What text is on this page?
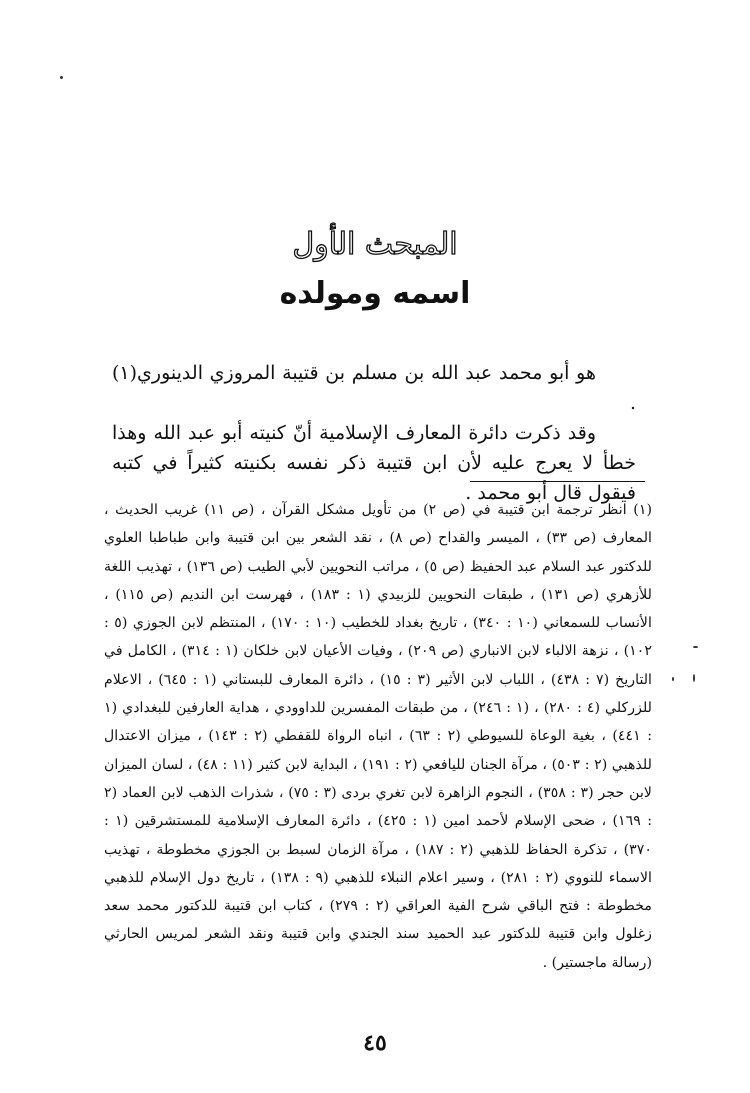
المبحث الأول
اسمه ومولده

هو أبو محمد عبد الله بن مسلم بن قتيبة المروزي الدينوري(١) .

وقد ذكرت دائرة المعارف الإسلامية أنّ كنيته أبو عبد الله وهذا خطأ لا يعرج عليه لأن ابن قتيبة ذكر نفسه بكنيته كثيراً في كتبه فيقول قال أبو محمد .

(١) انظر ترجمة ابن قتيبة في (ص ٢) من تأويل مشكل القرآن ، (ص ١١) غريب الحديث ، المعارف (ص ٣٣) ، الميسر والقداح (ص ٨) ، نقد الشعر بين ابن قتيبة وابن طباطبا العلوي للدكتور عبد السلام عبد الحفيظ (ص ٥) ، مراتب النحويين لأبي الطيب (ص ١٣٦) ، تهذيب اللغة للأزهري (ص ١٣١) ، طبقات النحويين للزبيدي (١ : ١٨٣) ، فهرست ابن النديم (ص ١١٥) ، الأنساب للسمعاني (١٠ : ٣٤٠) ، تاريخ بغداد للخطيب (١٠ : ١٧٠) ، المنتظم لابن الجوزي (٥ : ١٠٢) ، نزهة الالباء لابن الانباري (ص ٢٠٩) ، وفيات الأعيان لابن خلكان (١ : ٣١٤) ، الكامل في التاريخ (٧ : ٤٣٨) ، اللباب لابن الأثير (٣ : ١٥) ، دائرة المعارف للبستاني (١ : ٦٤٥) ، الاعلام للزركلي (٤ : ٢٨٠) ، (١ : ٢٤٦) ، من طبقات المفسرين للداوودي ، هداية العارفين للبغدادي (١ : ٤٤١) ، بغية الوعاة للسيوطي (٢ : ٦٣) ، انباه الرواة للقفطي (٢ : ١٤٣) ، ميزان الاعتدال للذهبي (٢ : ٥٠٣) ، مرآة الجنان لليافعي (٢ : ١٩١) ، البداية لابن كثير (١١ : ٤٨) ، لسان الميزان لابن حجر (٣ : ٣٥٨) ، النجوم الزاهرة لابن تغري بردى (٣ : ٧٥) ، شذرات الذهب لابن العماد (٢ : ١٦٩) ، ضحى الإسلام لأحمد امين (١ : ٤٢٥) ، دائرة المعارف الإسلامية للمستشرقين (١ : ٣٧٠) ، تذكرة الحفاظ للذهبي (٢ : ١٨٧) ، مرآة الزمان لسبط بن الجوزي مخطوطة ، تهذيب الاسماء للنووي (٢ : ٢٨١) ، وسير اعلام النبلاء للذهبي (٩ : ١٣٨) ، تاريخ دول الإسلام للذهبي مخطوطة : فتح الباقي شرح الفية العراقي (٢ : ٢٧٩) ، كتاب ابن قتيبة للدكتور محمد سعد زغلول وابن قتيبة للدكتور عبد الحميد سند الجندي وابن قتيبة ونقد الشعر لمريس الحارثي (رسالة ماجستير) .

٤٥
